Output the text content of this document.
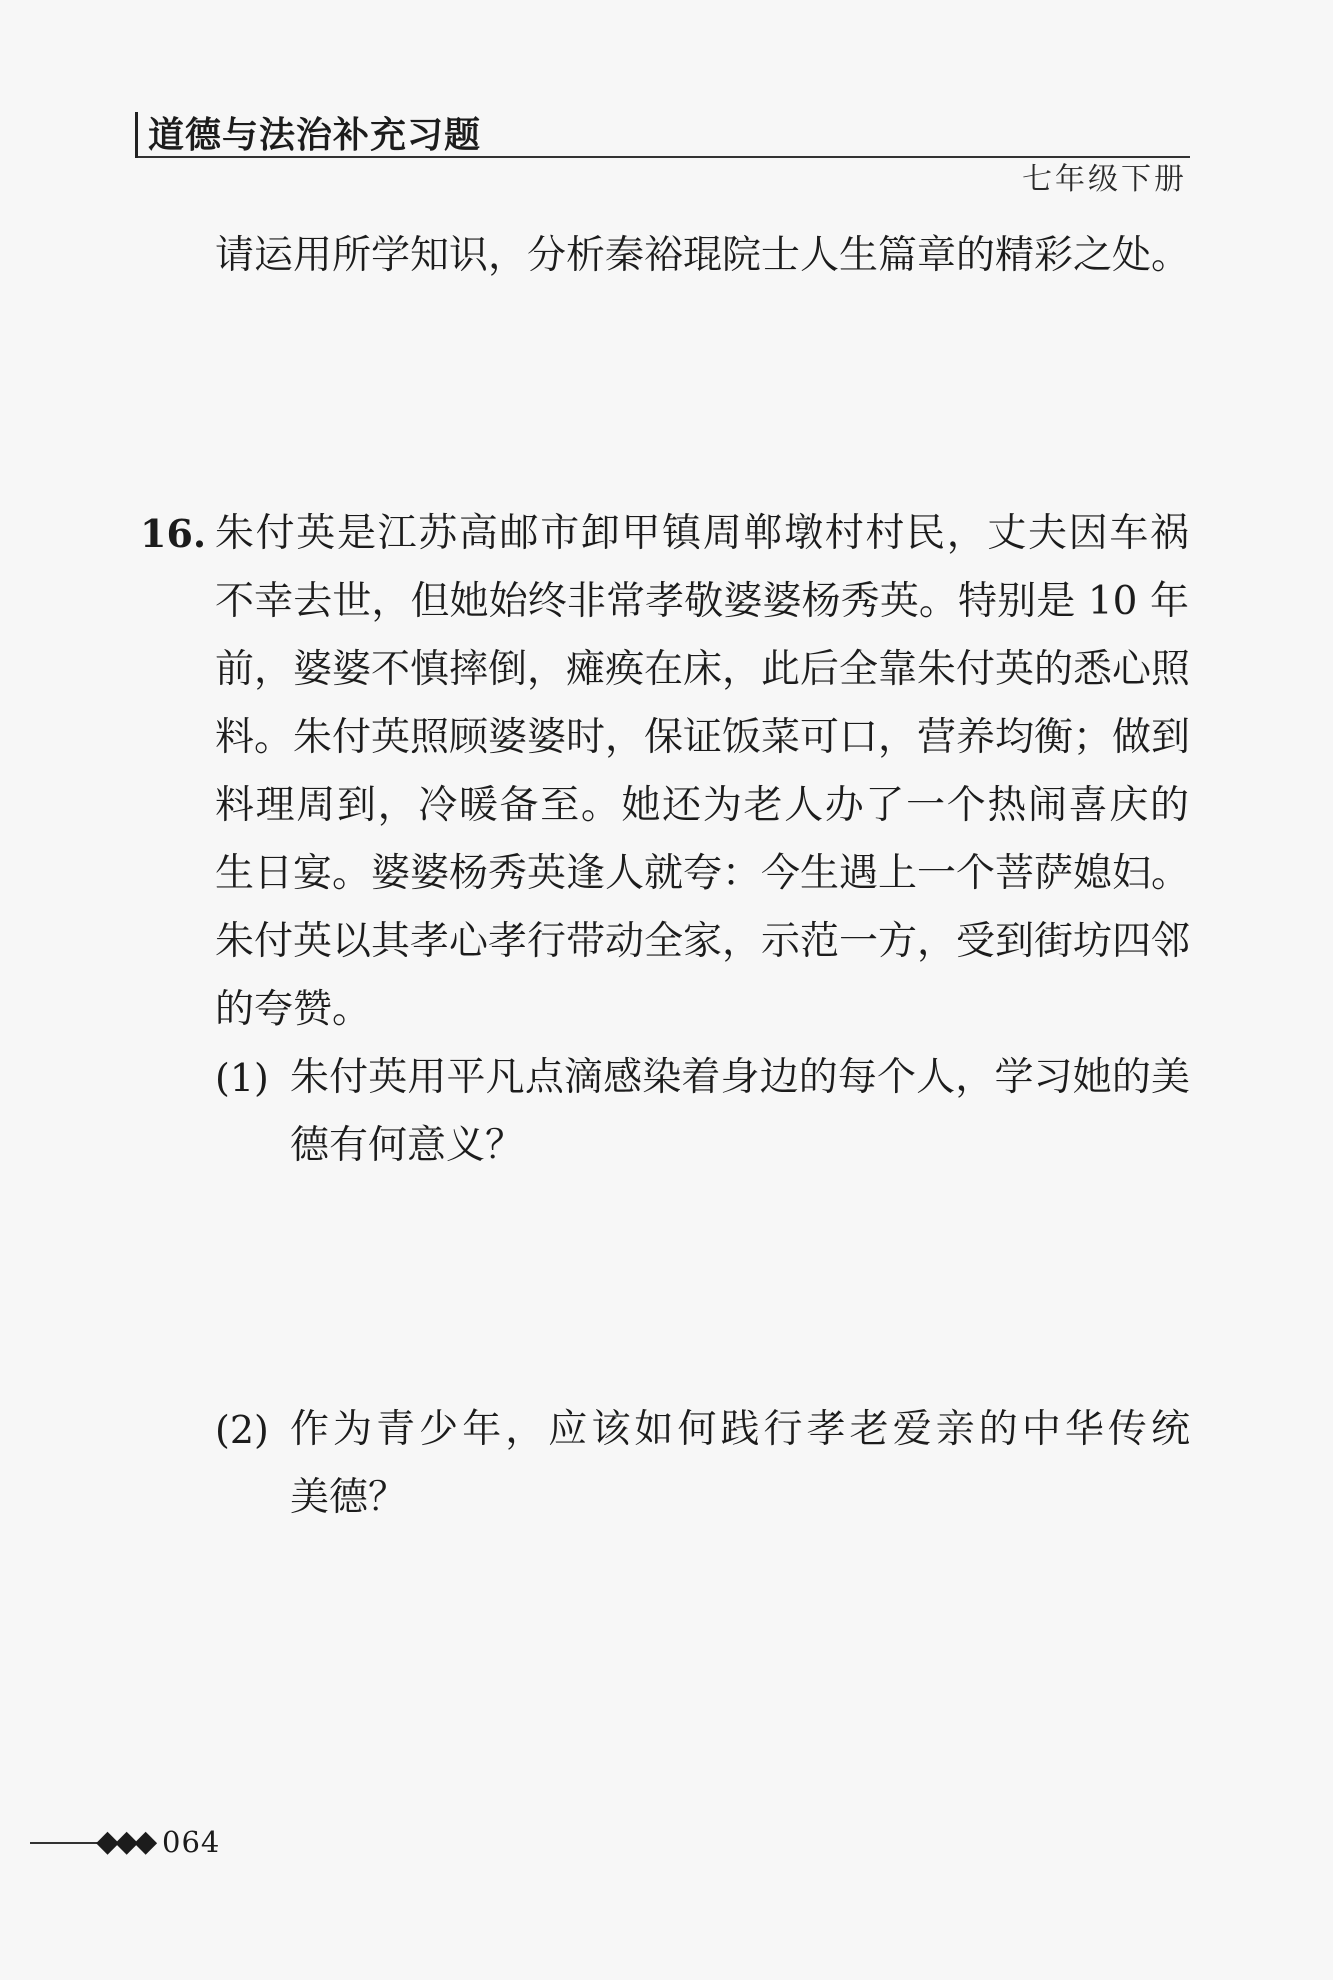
道德与法治补充习题
七年级下册
请运用所学知识，分析秦裕琨院士人生篇章的精彩之处。
16. 朱付英是江苏高邮市卸甲镇周郸墩村村民，丈夫因车祸
不幸去世，但她始终非常孝敬婆婆杨秀英。特别是 10 年
前，婆婆不慎摔倒，瘫痪在床，此后全靠朱付英的悉心照
料。朱付英照顾婆婆时，保证饭菜可口，营养均衡；做到
料理周到，冷暖备至。她还为老人办了一个热闹喜庆的
生日宴。婆婆杨秀英逢人就夸：今生遇上一个菩萨媳妇。
朱付英以其孝心孝行带动全家，示范一方，受到街坊四邻
的夸赞。
(1) 朱付英用平凡点滴感染着身边的每个人，学习她的美
德有何意义？
(2) 作为青少年，应该如何践行孝老爱亲的中华传统
美德？
◆◆◆ 064
